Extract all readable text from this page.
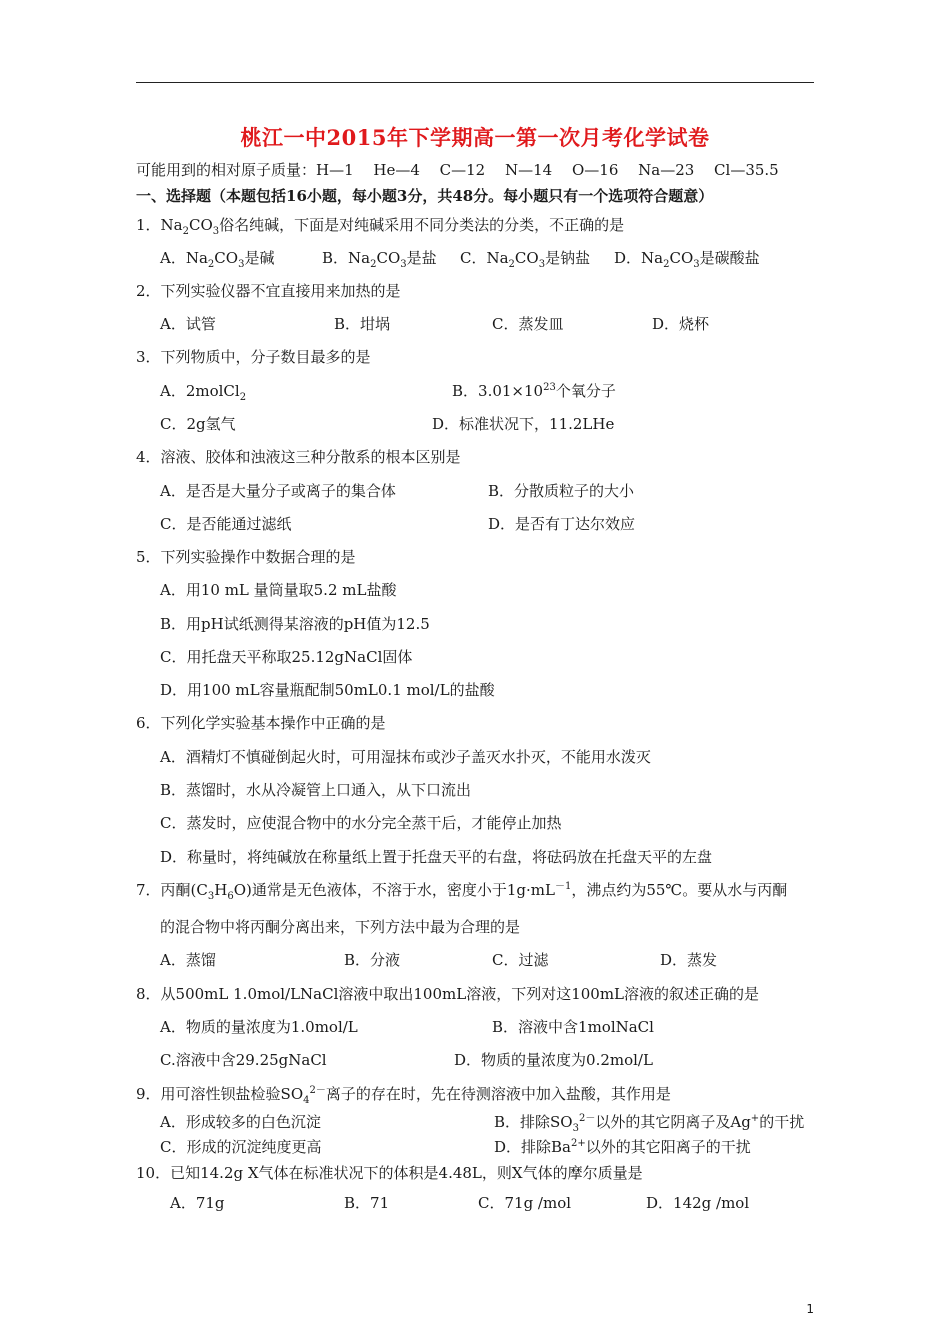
桃江一中2015年下学期高一第一次月考化学试卷
可能用到的相对原子质量：H—1　 He—4　 C—12　 N—14　 O—16　 Na—23　 Cl—35.5
一、选择题（本题包括16小题，每小题3分，共48分。每小题只有一个选项符合题意）
1．$Na_2CO_3$俗名纯碱，下面是对纯碱采用不同分类法的分类，不正确的是
A．$Na_2CO_3$是碱	B．$Na_2CO_3$是盐 C．$Na_2CO_3$是钠盐 D．$Na_2CO_3$是碳酸盐
2．下列实验仪器不宜直接用来加热的是
A．试管	B．坩埚	C．蒸发皿	D．烧杯
3．下列物质中，分子数目最多的是
A．2molCl$_2$	B．$3.01\times 10^{23}$个氧分子
C．2g氢气	D．标准状况下，11.2LHe
4．溶液、胶体和浊液这三种分散系的根本区别是
A．是否是大量分子或离子的集合体	B．分散质粒子的大小
C．是否能通过滤纸	D．是否有丁达尔效应
5．下列实验操作中数据合理的是
A．用10 mL 量筒量取5.2 mL盐酸
B．用pH试纸测得某溶液的pH值为12.5
C．用托盘天平称取25.12gNaCl固体
D．用100 mL容量瓶配制50mL0.1 mol/L的盐酸
6．下列化学实验基本操作中正确的是
A．酒精灯不慎碰倒起火时，可用湿抹布或沙子盖灭水扑灭，不能用水泼灭
B．蒸馏时，水从冷凝管上口通入，从下口流出
C．蒸发时，应使混合物中的水分完全蒸干后，才能停止加热
D．称量时，将纯碱放在称量纸上置于托盘天平的右盘，将砝码放在托盘天平的左盘
7．丙酮$(C_3H_6O)$通常是无色液体，不溶于水，密度小于$1g\cdot mL^{-1}$，沸点约为55℃。要从水与丙酮
的混合物中将丙酮分离出来，下列方法中最为合理的是
A．蒸馏	B．分液	C．过滤	D．蒸发
8．从500mL 1.0mol/LNaCl溶液中取出100mL溶液，下列对这100mL溶液的叙述正确的是
A．物质的量浓度为1.0mol/L	B．溶液中含1molNaCl
C.溶液中含29.25gNaCl	D．物质的量浓度为0.2mol/L
9．用可溶性钡盐检验$SO_4^{2-}$离子的存在时，先在待测溶液中加入盐酸，其作用是
A．形成较多的白色沉淀	B．排除$SO_3^{2-}$以外的其它阴离子及Ag+的干扰
C．形成的沉淀纯度更高	D．排除$Ba^{2+}$以外的其它阳离子的干扰
10．已知14.2g X气体在标准状况下的体积是4.48L，则X气体的摩尔质量是
A．71g	B．71	C．71g /mol	D．142g /mol
1
